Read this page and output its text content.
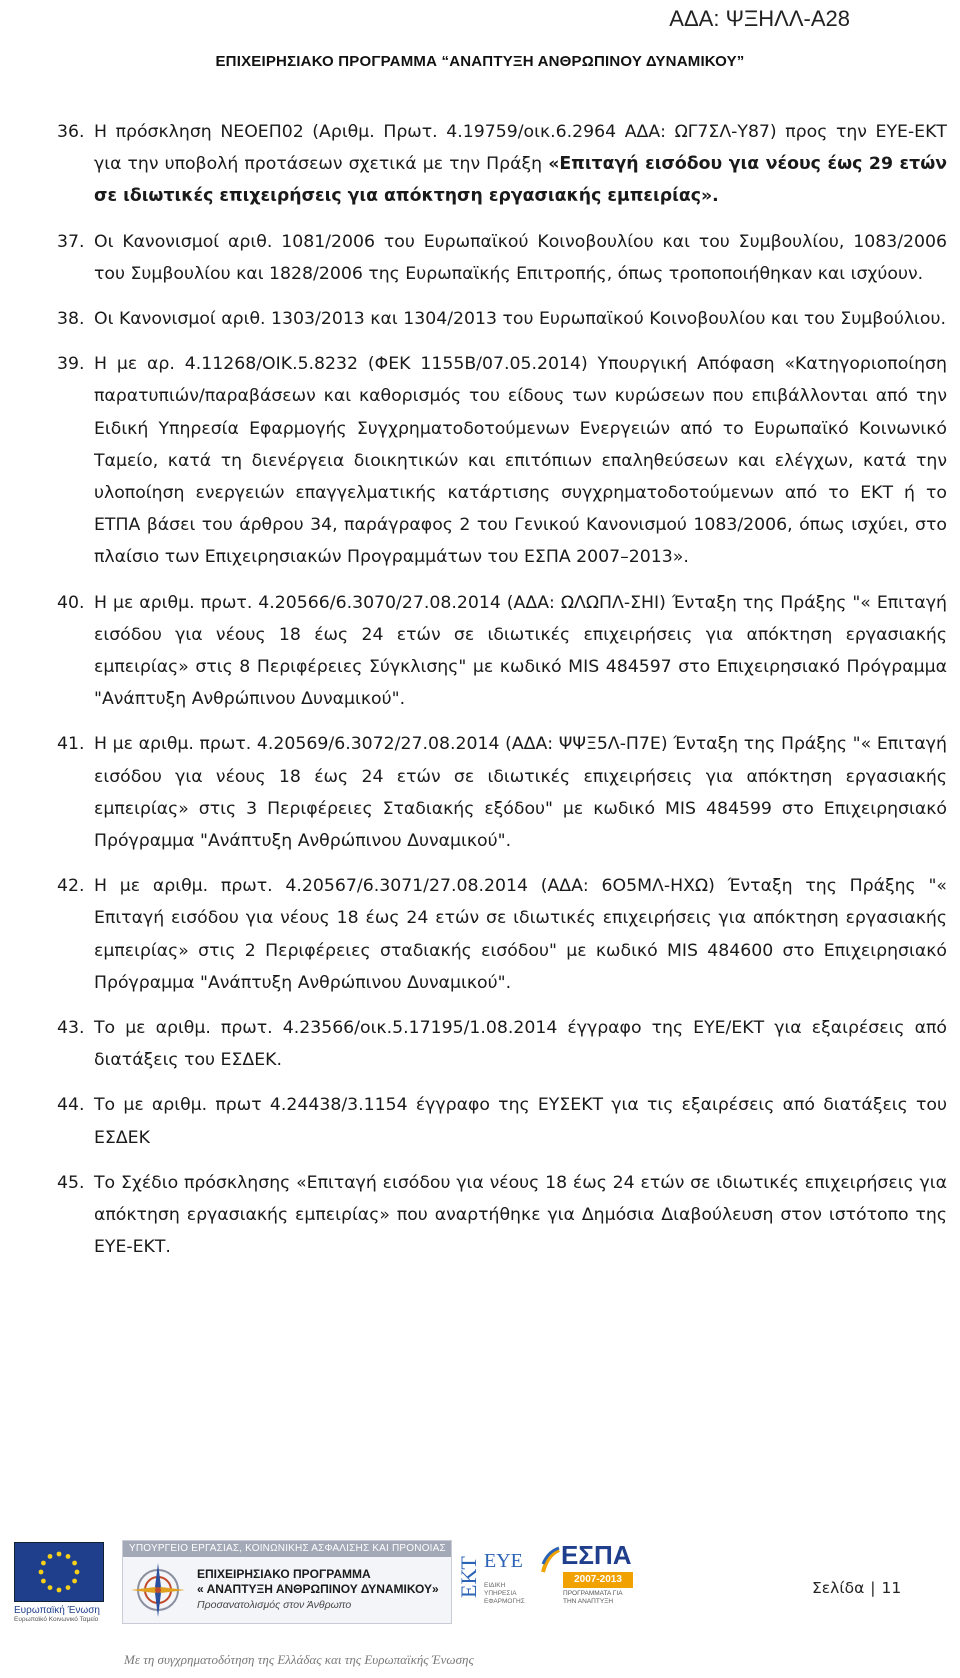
ΑΔΑ: ΨΞΗΛΛ-Α28
ΕΠΙΧΕΙΡΗΣΙΑΚΟ ΠΡΟΓΡΑΜΜΑ “ΑΝΑΠΤΥΞΗ ΑΝΘΡΩΠΙΝΟΥ ΔΥΝΑΜΙΚΟΥ”
36. Η πρόσκληση ΝΕΟΕΠ02 (Αριθμ. Πρωτ. 4.19759/οικ.6.2964 ΑΔΑ: ΩΓ7ΣΛ-Υ87) προς την ΕΥΕ-ΕΚΤ για την υποβολή προτάσεων σχετικά με την Πράξη «Επιταγή εισόδου για νέους έως 29 ετών σε ιδιωτικές επιχειρήσεις για απόκτηση εργασιακής εμπειρίας».
37. Οι Κανονισμοί αριθ. 1081/2006 του Ευρωπαϊκού Κοινοβουλίου και του Συμβουλίου, 1083/2006 του Συμβουλίου και 1828/2006 της Ευρωπαϊκής Επιτροπής, όπως τροποποιήθηκαν και ισχύουν.
38. Οι Κανονισμοί αριθ. 1303/2013 και 1304/2013 του Ευρωπαϊκού Κοινοβουλίου και του Συμβούλιου.
39. Η με αρ. 4.11268/ΟΙΚ.5.8232 (ΦΕΚ 1155Β/07.05.2014) Υπουργική Απόφαση «Κατηγοριοποίηση παρατυπιών/παραβάσεων και καθορισμός του είδους των κυρώσεων που επιβάλλονται από την Ειδική Υπηρεσία Εφαρμογής Συγχρηματοδοτούμενων Ενεργειών από το Ευρωπαϊκό Κοινωνικό Ταμείο, κατά τη διενέργεια διοικητικών και επιτόπιων επαληθεύσεων και ελέγχων, κατά την υλοποίηση ενεργειών επαγγελματικής κατάρτισης συγχρηματοδοτούμενων από το ΕΚΤ ή το ΕΤΠΑ βάσει του άρθρου 34, παράγραφος 2 του Γενικού Κανονισμού 1083/2006, όπως ισχύει, στο πλαίσιο των Επιχειρησιακών Προγραμμάτων του ΕΣΠΑ 2007–2013».
40. Η με αριθμ. πρωτ. 4.20566/6.3070/27.08.2014 (ΑΔΑ: ΩΛΩΠΛ-ΣΗΙ) Ένταξη της Πράξης "« Επιταγή εισόδου για νέους 18 έως 24 ετών σε ιδιωτικές επιχειρήσεις για απόκτηση εργασιακής εμπειρίας» στις 8 Περιφέρειες Σύγκλισης" με κωδικό MIS 484597 στο Επιχειρησιακό Πρόγραμμα "Ανάπτυξη Ανθρώπινου Δυναμικού".
41. Η με αριθμ. πρωτ. 4.20569/6.3072/27.08.2014 (ΑΔΑ: ΨΨΞ5Λ-Π7Ε) Ένταξη της Πράξης "« Επιταγή εισόδου για νέους 18 έως 24 ετών σε ιδιωτικές επιχειρήσεις για απόκτηση εργασιακής εμπειρίας» στις 3 Περιφέρειες Σταδιακής εξόδου" με κωδικό MIS 484599 στο Επιχειρησιακό Πρόγραμμα "Ανάπτυξη Ανθρώπινου Δυναμικού".
42. Η με αριθμ. πρωτ. 4.20567/6.3071/27.08.2014 (ΑΔΑ: 6Ο5ΜΛ-ΗΧΩ) Ένταξη της Πράξης "« Επιταγή εισόδου για νέους 18 έως 24 ετών σε ιδιωτικές επιχειρήσεις για απόκτηση εργασιακής εμπειρίας» στις 2 Περιφέρειες σταδιακής εισόδου" με κωδικό MIS 484600 στο Επιχειρησιακό Πρόγραμμα "Ανάπτυξη Ανθρώπινου Δυναμικού".
43. Το με αριθμ. πρωτ. 4.23566/οικ.5.17195/1.08.2014 έγγραφο της ΕΥΕ/ΕΚΤ για εξαιρέσεις από διατάξεις του ΕΣΔΕΚ.
44. Το με αριθμ. πρωτ 4.24438/3.1154 έγγραφο της ΕΥΣΕΚΤ για τις εξαιρέσεις από διατάξεις του ΕΣΔΕΚ
45. Το Σχέδιο πρόσκλησης «Επιταγή εισόδου για νέους 18 έως 24 ετών σε ιδιωτικές επιχειρήσεις για απόκτηση εργασιακής εμπειρίας» που αναρτήθηκε για Δημόσια Διαβούλευση στον ιστότοπο της ΕΥΕ-ΕΚΤ.
Ευρωπαϊκή Ένωση
Ευρωπαϊκό Κοινωνικό Ταμείο
ΥΠΟΥΡΓΕΙΟ ΕΡΓΑΣΙΑΣ, ΚΟΙΝΩΝΙΚΗΣ ΑΣΦΑΛΙΣΗΣ ΚΑΙ ΠΡΟΝΟΙΑΣ
ΕΠΙΧΕΙΡΗΣΙΑΚΟ ΠΡΟΓΡΑΜΜΑ
« ΑΝΑΠΤΥΞΗ ΑΝΘΡΩΠΙΝΟΥ ΔΥΝΑΜΙΚΟΥ»
Προσανατολισμός στον Άνθρωπο
ΕΚΤ ΕΥΕ
ΕΙΔΙΚΗ ΥΠΗΡΕΣΙΑ ΕΦΑΡΜΟΓΗΣ
ΕΣΠΑ
2007-2013
ΠΡΟΓΡΑΜΜΑΤΑ ΓΙΑ ΤΗΝ ΑΝΑΠΤΥΞΗ
Σελίδα | 11
Με τη συγχρηματοδότηση της Ελλάδας και της Ευρωπαϊκής Ένωσης
